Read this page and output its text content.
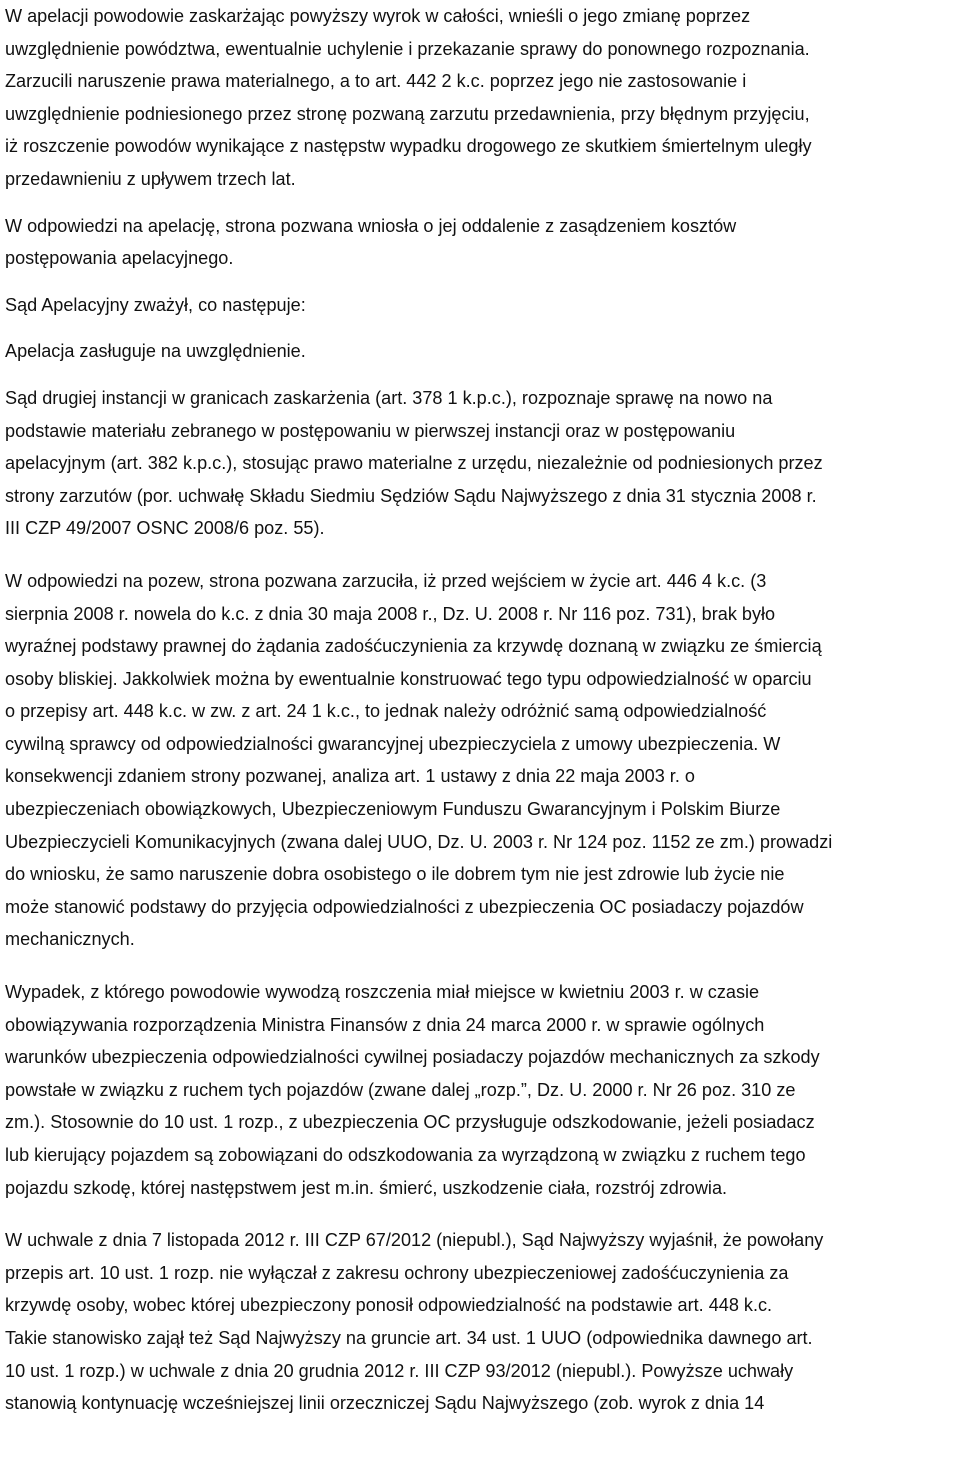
W apelacji powodowie zaskarżając powyższy wyrok w całości, wnieśli o jego zmianę poprzez
uwzględnienie powództwa, ewentualnie uchylenie i przekazanie sprawy do ponownego rozpoznania.
Zarzucili naruszenie prawa materialnego, a to art. 442 2 k.c. poprzez jego nie zastosowanie i
uwzględnienie podniesionego przez stronę pozwaną zarzutu przedawnienia, przy błędnym przyjęciu,
iż roszczenie powodów wynikające z następstw wypadku drogowego ze skutkiem śmiertelnym uległy
przedawnieniu z upływem trzech lat.
W odpowiedzi na apelację, strona pozwana wniosła o jej oddalenie z zasądzeniem kosztów
postępowania apelacyjnego.
Sąd Apelacyjny zważył, co następuje:
Apelacja zasługuje na uwzględnienie.
Sąd drugiej instancji w granicach zaskarżenia (art. 378 1 k.p.c.), rozpoznaje sprawę na nowo na
podstawie materiału zebranego w postępowaniu w pierwszej instancji oraz w postępowaniu
apelacyjnym (art. 382 k.p.c.), stosując prawo materialne z urzędu, niezależnie od podniesionych przez
strony zarzutów (por. uchwałę Składu Siedmiu Sędziów Sądu Najwyższego z dnia 31 stycznia 2008 r.
III CZP 49/2007 OSNC 2008/6 poz. 55).
W odpowiedzi na pozew, strona pozwana zarzuciła, iż przed wejściem w życie art. 446 4 k.c. (3
sierpnia 2008 r. nowela do k.c. z dnia 30 maja 2008 r., Dz. U. 2008 r. Nr 116 poz. 731), brak było
wyraźnej podstawy prawnej do żądania zadośćuczynienia za krzywdę doznaną w związku ze śmiercią
osoby bliskiej. Jakkolwiek można by ewentualnie konstruować tego typu odpowiedzialność w oparciu
o przepisy art. 448 k.c. w zw. z art. 24 1 k.c., to jednak należy odróżnić samą odpowiedzialność
cywilną sprawcy od odpowiedzialności gwarancyjnej ubezpieczyciela z umowy ubezpieczenia. W
konsekwencji zdaniem strony pozwanej, analiza art. 1 ustawy z dnia 22 maja 2003 r. o
ubezpieczeniach obowiązkowych, Ubezpieczeniowym Funduszu Gwarancyjnym i Polskim Biurze
Ubezpieczycieli Komunikacyjnych (zwana dalej UUO, Dz. U. 2003 r. Nr 124 poz. 1152 ze zm.) prowadzi
do wniosku, że samo naruszenie dobra osobistego o ile dobrem tym nie jest zdrowie lub życie nie
może stanowić podstawy do przyjęcia odpowiedzialności z ubezpieczenia OC posiadaczy pojazdów
mechanicznych.
Wypadek, z którego powodowie wywodzą roszczenia miał miejsce w kwietniu 2003 r. w czasie
obowiązywania rozporządzenia Ministra Finansów z dnia 24 marca 2000 r. w sprawie ogólnych
warunków ubezpieczenia odpowiedzialności cywilnej posiadaczy pojazdów mechanicznych za szkody
powstałe w związku z ruchem tych pojazdów (zwane dalej „rozp.”, Dz. U. 2000 r. Nr 26 poz. 310 ze
zm.). Stosownie do 10 ust. 1 rozp., z ubezpieczenia OC przysługuje odszkodowanie, jeżeli posiadacz
lub kierujący pojazdem są zobowiązani do odszkodowania za wyrządzoną w związku z ruchem tego
pojazdu szkodę, której następstwem jest m.in. śmierć, uszkodzenie ciała, rozstrój zdrowia.
W uchwale z dnia 7 listopada 2012 r. III CZP 67/2012 (niepubl.), Sąd Najwyższy wyjaśnił, że powołany
przepis art. 10 ust. 1 rozp. nie wyłączał z zakresu ochrony ubezpieczeniowej zadośćuczynienia za
krzywdę osoby, wobec której ubezpieczony ponosił odpowiedzialność na podstawie art. 448 k.c.
Takie stanowisko zajął też Sąd Najwyższy na gruncie art. 34 ust. 1 UUO (odpowiednika dawnego art.
10 ust. 1 rozp.) w uchwale z dnia 20 grudnia 2012 r. III CZP 93/2012 (niepubl.). Powyższe uchwały
stanowią kontynuację wcześniejszej linii orzeczniczej Sądu Najwyższego (zob. wyrok z dnia 14
